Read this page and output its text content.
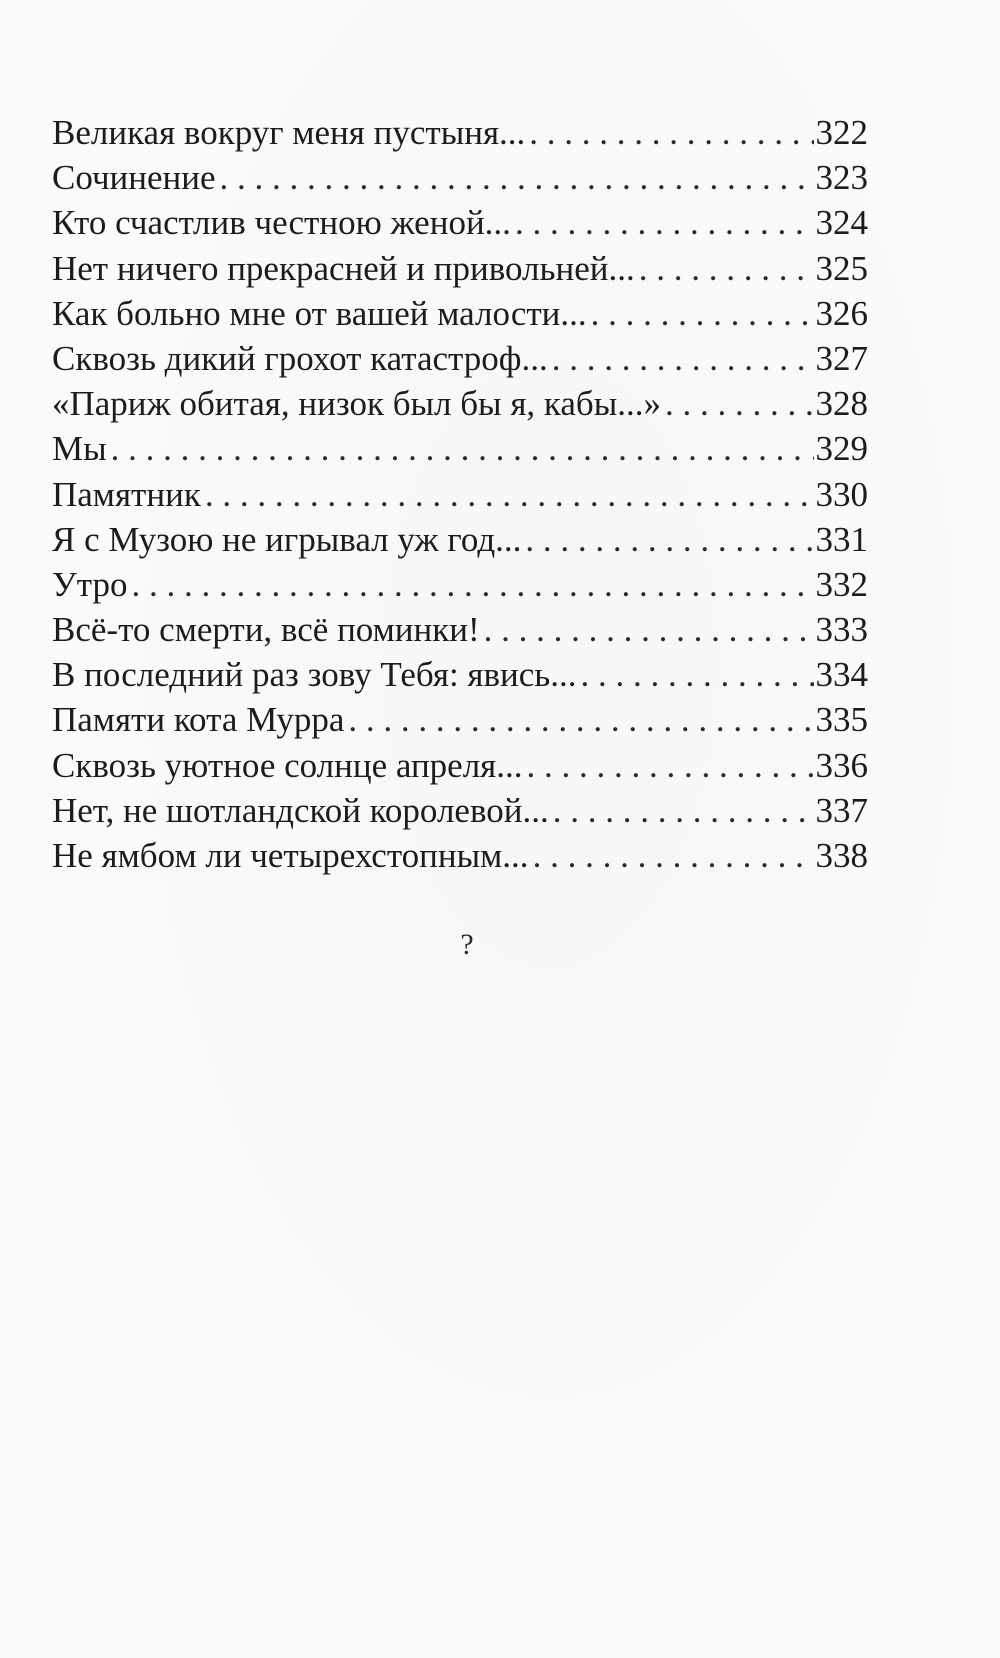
Великая вокруг меня пустыня... . . .	322
Сочинение . . .	323
Кто счастлив честною женой... . . .	324
Нет ничего прекрасней и привольней... . . .	325
Как больно мне от вашей малости... . . .	326
Сквозь дикий грохот катастроф... . . .	327
«Париж обитая, низок был бы я, кабы...» . . .	328
Мы . . .	329
Памятник . . .	330
Я с Музою не игрывал уж год... . . .	331
Утро . . .	332
Всё-то смерти, всё поминки! . . .	333
В последний раз зову Тебя: явись... . . .	334
Памяти кота Мурра . . .	335
Сквозь уютное солнце апреля... . . .	336
Нет, не шотландской королевой... . . .	337
Не ямбом ли четырехстопным... . . .	338
?
